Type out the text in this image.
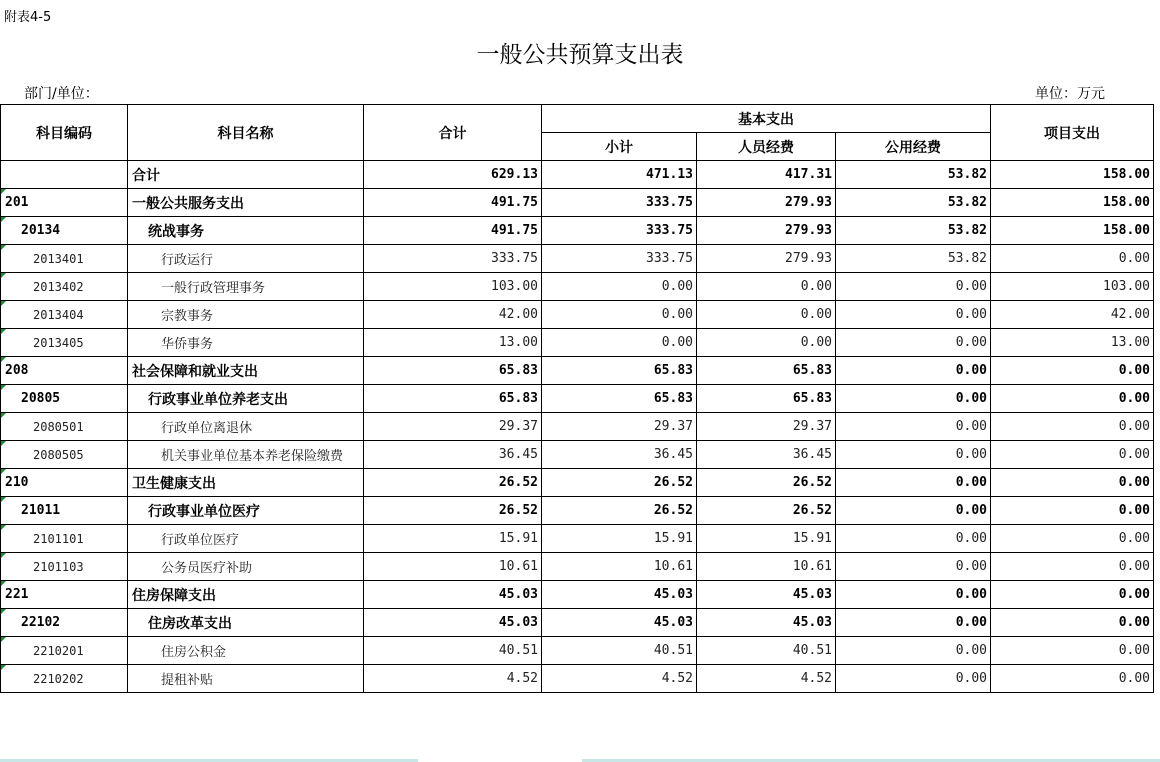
附表4-5
一般公共预算支出表
部门/单位：	单位：万元
科目编码	科目名称	合计	基本支出			项目支出
			小计	人员经费	公用经费	
	合计	629.13	471.13	417.31	53.82	158.00
201	一般公共服务支出	491.75	333.75	279.93	53.82	158.00
20134	统战事务	491.75	333.75	279.93	53.82	158.00
2013401	行政运行	333.75	333.75	279.93	53.82	0.00
2013402	一般行政管理事务	103.00	0.00	0.00	0.00	103.00
2013404	宗教事务	42.00	0.00	0.00	0.00	42.00
2013405	华侨事务	13.00	0.00	0.00	0.00	13.00
208	社会保障和就业支出	65.83	65.83	65.83	0.00	0.00
20805	行政事业单位养老支出	65.83	65.83	65.83	0.00	0.00
2080501	行政单位离退休	29.37	29.37	29.37	0.00	0.00
2080505	机关事业单位基本养老保险缴费	36.45	36.45	36.45	0.00	0.00
210	卫生健康支出	26.52	26.52	26.52	0.00	0.00
21011	行政事业单位医疗	26.52	26.52	26.52	0.00	0.00
2101101	行政单位医疗	15.91	15.91	15.91	0.00	0.00
2101103	公务员医疗补助	10.61	10.61	10.61	0.00	0.00
221	住房保障支出	45.03	45.03	45.03	0.00	0.00
22102	住房改革支出	45.03	45.03	45.03	0.00	0.00
2210201	住房公积金	40.51	40.51	40.51	0.00	0.00
2210202	提租补贴	4.52	4.52	4.52	0.00	0.00
